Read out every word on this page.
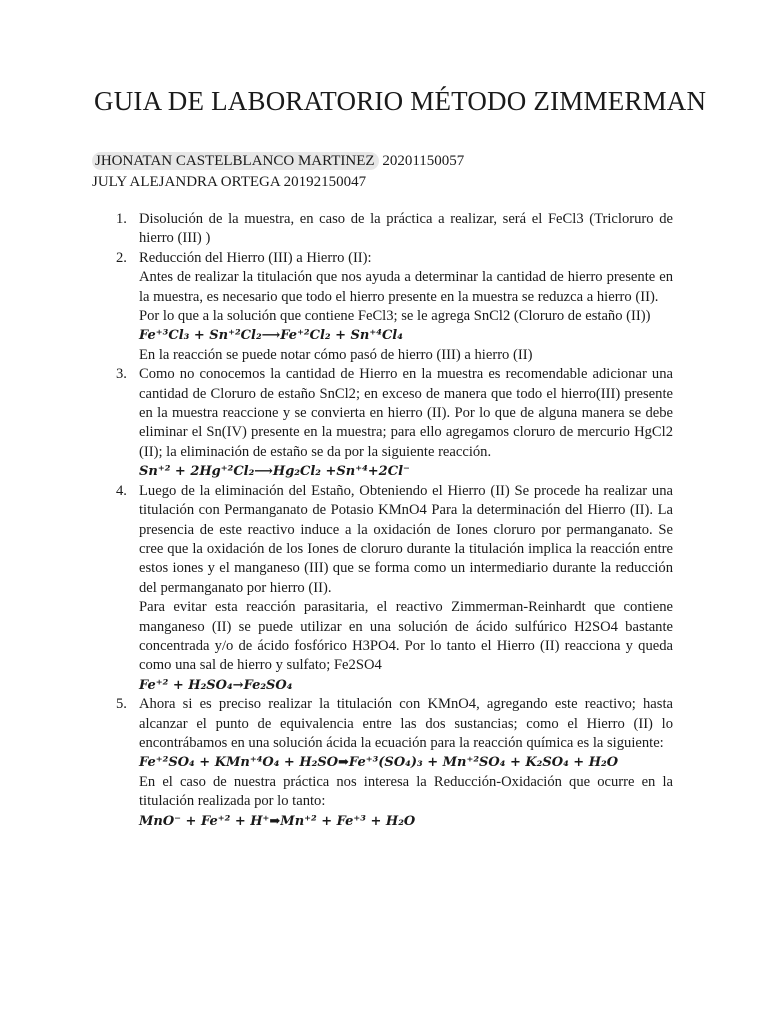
GUIA DE LABORATORIO MÉTODO ZIMMERMAN
JHONATAN CASTELBLANCO MARTINEZ 20201150057
JULY ALEJANDRA ORTEGA 20192150047
1. Disolución de la muestra, en caso de la práctica a realizar, será el FeCl3 (Tricloruro de hierro (III) )

2. Reducción del Hierro (III) a Hierro (II):

Antes de realizar la titulación que nos ayuda a determinar la cantidad de hierro presente en la muestra, es necesario que todo el hierro presente en la muestra se reduzca a hierro (II).

Por lo que a la solución que contiene FeCl3; se le agrega SnCl2 (Cloruro de estaño (II))

Fe⁺³Cl₃ + Sn⁺²Cl₂⟶Fe⁺²Cl₂ + Sn⁺⁴Cl₄

En la reacción se puede notar cómo pasó de hierro (III) a hierro (II)

3. Como no conocemos la cantidad de Hierro en la muestra es recomendable adicionar una cantidad de Cloruro de estaño SnCl2; en exceso de manera que todo el hierro(III) presente en la muestra reaccione y se convierta en hierro (II). Por lo que de alguna manera se debe eliminar el Sn(IV) presente en la muestra; para ello agregamos cloruro de mercurio HgCl2 (II); la eliminación de estaño se da por la siguiente reacción.

Sn⁺² + 2Hg⁺²Cl₂⟶Hg₂Cl₂ +Sn⁺⁴+2Cl⁻

4. Luego de la eliminación del Estaño, Obteniendo el Hierro (II) Se procede ha realizar una titulación con Permanganato de Potasio KMnO4 Para la determinación del Hierro (II). La presencia de este reactivo induce a la oxidación de Iones cloruro por permanganato. Se cree que la oxidación de los Iones de cloruro durante la titulación implica la reacción entre estos iones y el manganeso (III) que se forma como un intermediario durante la reducción del permanganato por hierro (II).

Para evitar esta reacción parasitaria, el reactivo Zimmerman-Reinhardt que contiene manganeso (II) se puede utilizar en una solución de ácido sulfúrico H2SO4 bastante concentrada y/o de ácido fosfórico H3PO4. Por lo tanto el Hierro (II) reacciona y queda como una sal de hierro y sulfato; Fe2SO4

Fe⁺² + H₂SO₄→Fe₂SO₄

5. Ahora si es preciso realizar la titulación con KMnO4, agregando este reactivo; hasta alcanzar el punto de equivalencia entre las dos sustancias; como el Hierro (II) lo encontrábamos en una solución ácida la ecuación para la reacción química es la siguiente:

Fe⁺²SO₄ + KMn⁺⁴O₄ + H₂SO➡Fe⁺³(SO₄)₃ + Mn⁺²SO₄ + K₂SO₄ + H₂O

En el caso de nuestra práctica nos interesa la Reducción-Oxidación que ocurre en la titulación realizada por lo tanto:

MnO⁻ + Fe⁺² + H⁺➡Mn⁺² + Fe⁺³ + H₂O
